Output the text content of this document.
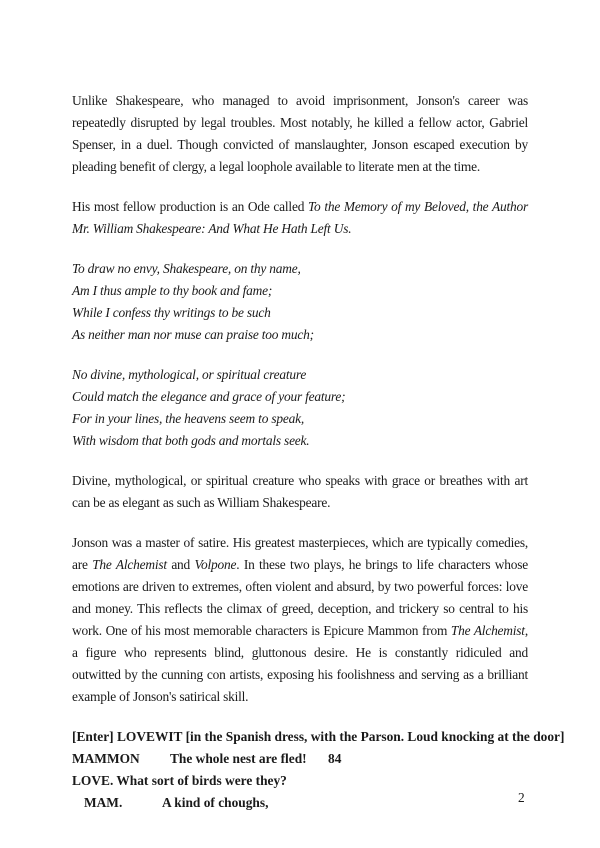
Unlike Shakespeare, who managed to avoid imprisonment, Jonson's career was repeatedly disrupted by legal troubles. Most notably, he killed a fellow actor, Gabriel Spenser, in a duel. Though convicted of manslaughter, Jonson escaped execution by pleading benefit of clergy, a legal loophole available to literate men at the time.

His most fellow production is an Ode called To the Memory of my Beloved, the Author Mr. William Shakespeare: And What He Hath Left Us.

To draw no envy, Shakespeare, on thy name,

Am I thus ample to thy book and fame;

While I confess thy writings to be such

As neither man nor muse can praise too much;

No divine, mythological, or spiritual creature

Could match the elegance and grace of your feature;

For in your lines, the heavens seem to speak,

With wisdom that both gods and mortals seek.

Divine, mythological, or spiritual creature who speaks with grace or breathes with art can be as elegant as such as William Shakespeare.

Jonson was a master of satire. His greatest masterpieces, which are typically comedies, are The Alchemist and Volpone. In these two plays, he brings to life characters whose emotions are driven to extremes, often violent and absurd, by two powerful forces: love and money. This reflects the climax of greed, deception, and trickery so central to his work. One of his most memorable characters is Epicure Mammon from The Alchemist, a figure who represents blind, gluttonous desire. He is constantly ridiculed and outwitted by the cunning con artists, exposing his foolishness and serving as a brilliant example of Jonson's satirical skill.

[Enter] LOVEWIT [in the Spanish dress, with the Parson. Loud knocking at the door]
MAMMON The whole nest are fled! 84
LOVE. What sort of birds were they?
MAM.	A kind of choughs,	2
